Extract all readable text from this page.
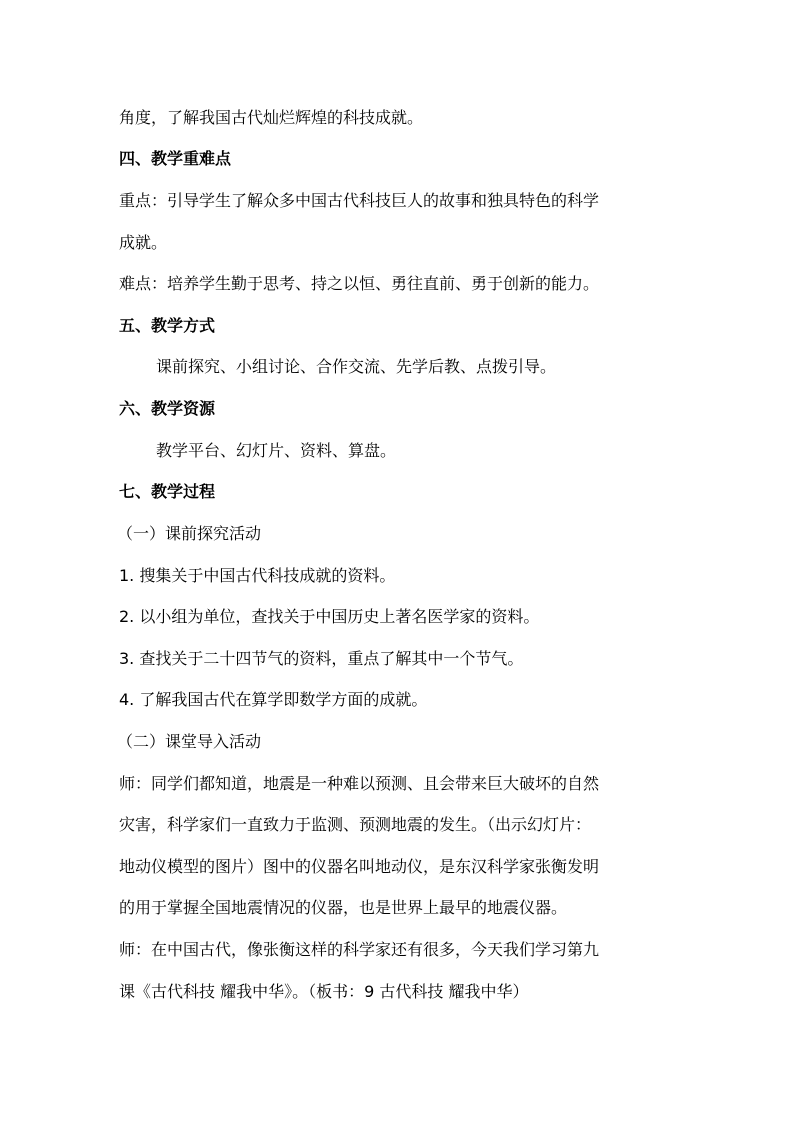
角度，了解我国古代灿烂辉煌的科技成就。
四、教学重难点
重点：引导学生了解众多中国古代科技巨人的故事和独具特色的科学
成就。
难点：培养学生勤于思考、持之以恒、勇往直前、勇于创新的能力。
五、教学方式
课前探究、小组讨论、合作交流、先学后教、点拨引导。
六、教学资源
教学平台、幻灯片、资料、算盘。
七、教学过程
（一）课前探究活动
1. 搜集关于中国古代科技成就的资料。
2. 以小组为单位，查找关于中国历史上著名医学家的资料。
3. 查找关于二十四节气的资料，重点了解其中一个节气。
4. 了解我国古代在算学即数学方面的成就。
（二）课堂导入活动
师：同学们都知道，地震是一种难以预测、且会带来巨大破坏的自然
灾害，科学家们一直致力于监测、预测地震的发生。（出示幻灯片：
地动仪模型的图片）图中的仪器名叫地动仪，是东汉科学家张衡发明
的用于掌握全国地震情况的仪器，也是世界上最早的地震仪器。
师：在中国古代，像张衡这样的科学家还有很多，今天我们学习第九
课《古代科技 耀我中华》。（板书：9 古代科技 耀我中华）
